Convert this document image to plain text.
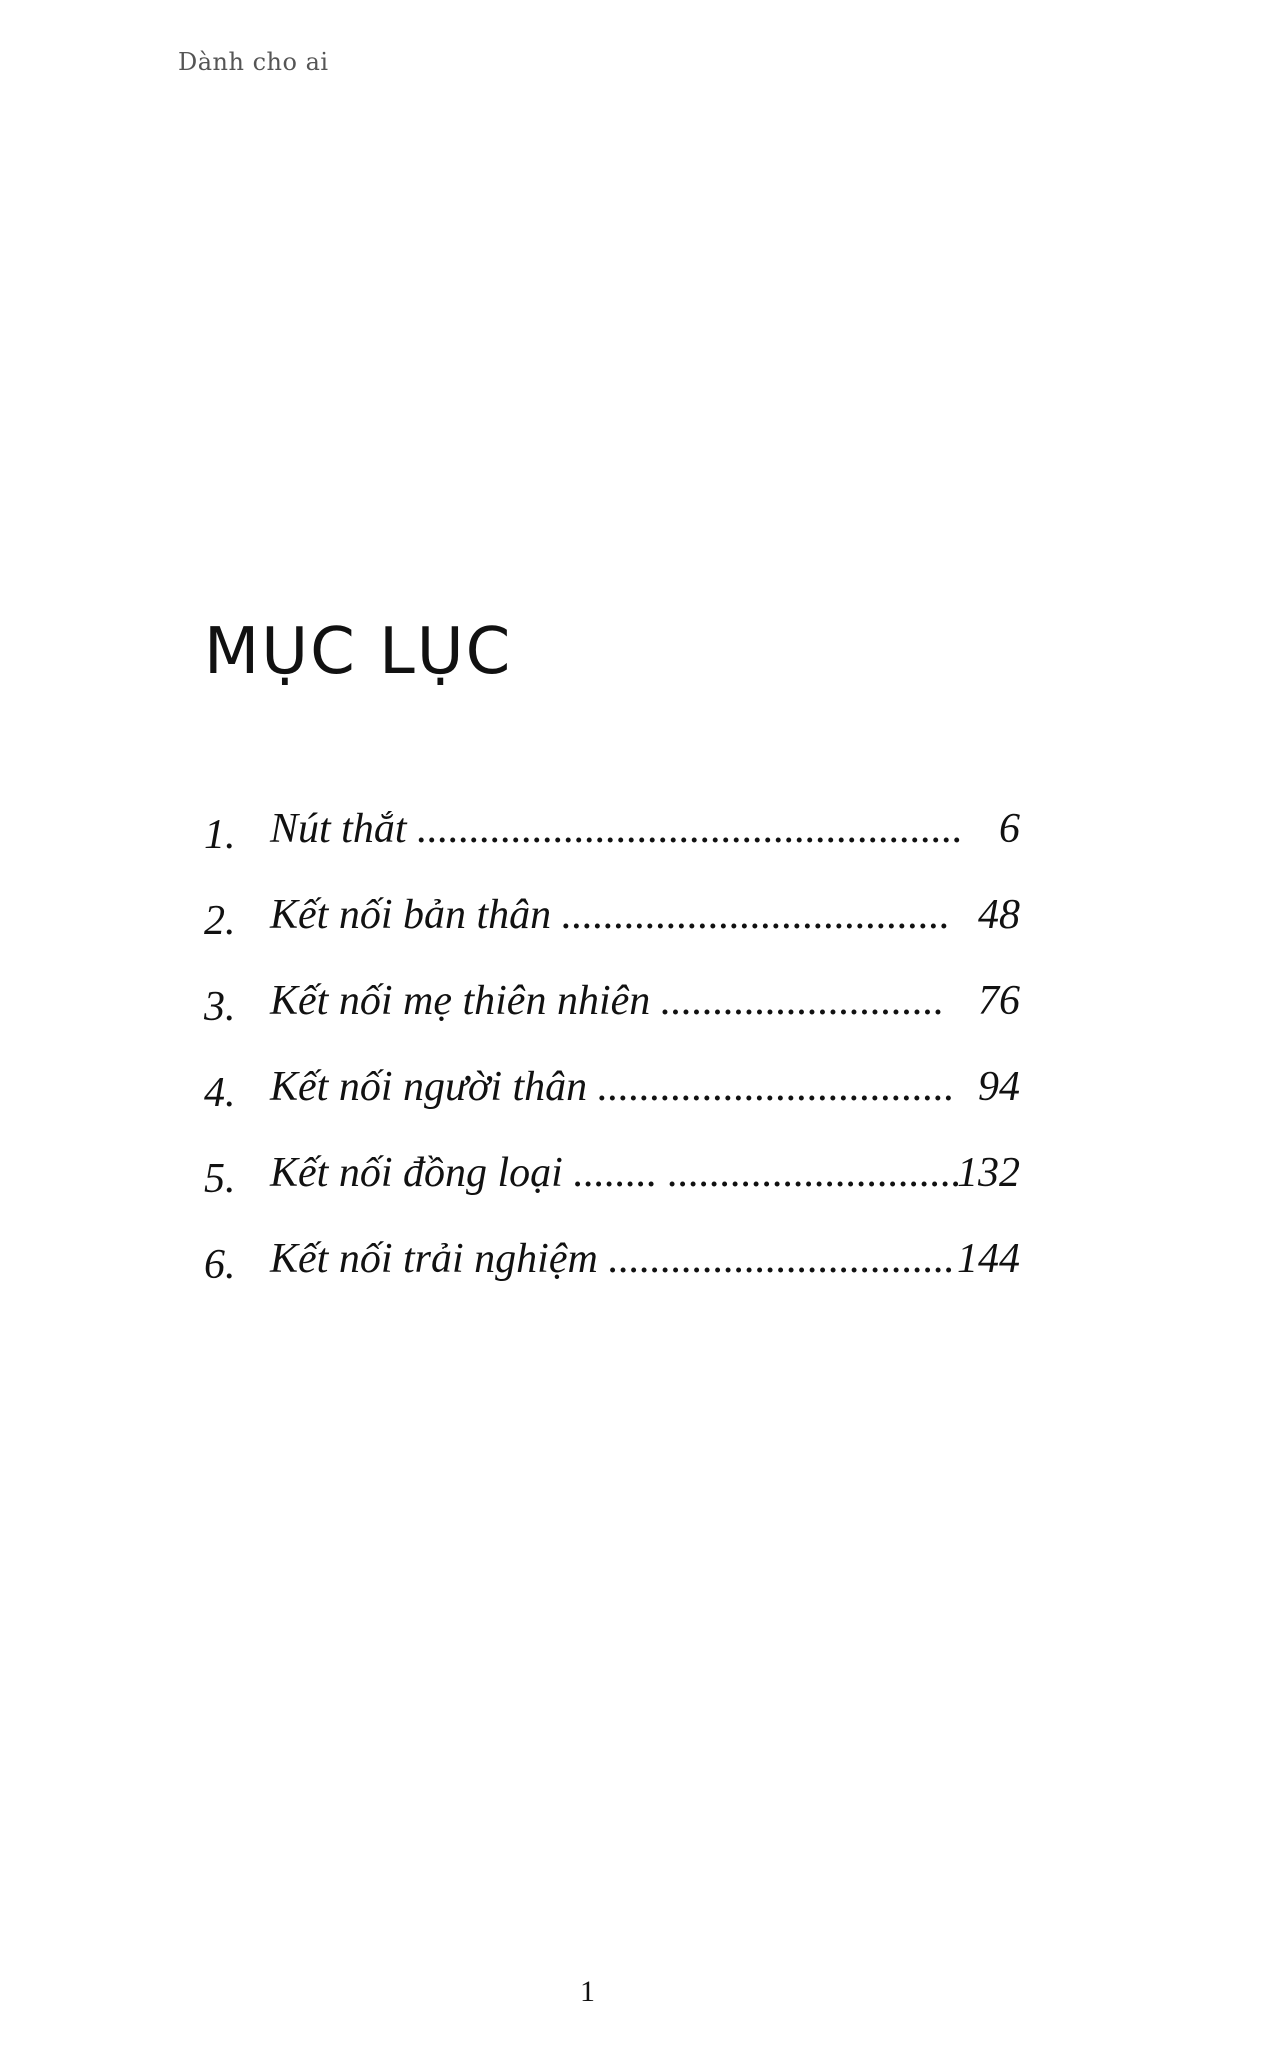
Dành cho ai
MỤC LỤC
1. Nút thắt .................................................... 6
2. Kết nối bản thân ..................................... 48
3. Kết nối mẹ thiên nhiên ........................... 76
4. Kết nối người thân .................................. 94
5. Kết nối đồng loại ........ ............................
132
6. Kết nối trải nghiệm ................................. 144
1
